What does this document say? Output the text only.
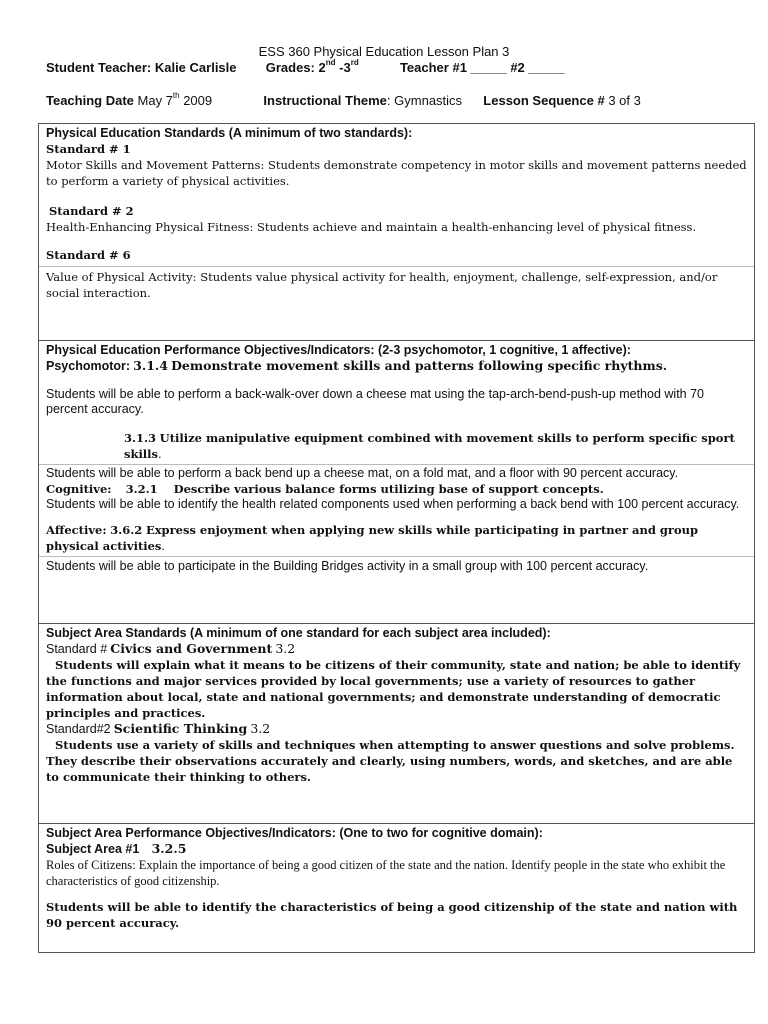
ESS 360 Physical Education Lesson Plan 3
Student Teacher: Kalie Carlisle Grades: 2nd -3rd	Teacher #1 _____ #2 _____
Teaching Date May 7th 2009	Instructional Theme: Gymnastics Lesson Sequence # 3 of 3
Physical Education Standards (A minimum of two standards):
Standard # 1
Motor Skills and Movement Patterns: Students demonstrate competency in motor skills and movement patterns needed to perform a variety of physical activities.
Standard # 2
Health-Enhancing Physical Fitness: Students achieve and maintain a health-enhancing level of physical fitness.
Standard # 6
Value of Physical Activity: Students value physical activity for health, enjoyment, challenge, self-expression, and/or social interaction.
Physical Education Performance Objectives/Indicators: (2-3 psychomotor, 1 cognitive, 1 affective):
Psychomotor: 3.1.4 Demonstrate movement skills and patterns following specific rhythms.
Students will be able to perform a back-walk-over down a cheese mat using the tap-arch-bend-push-up method with 70 percent accuracy.
3.1.3 Utilize manipulative equipment combined with movement skills to perform specific sport skills.
Students will be able to perform a back bend up a cheese mat, on a fold mat, and a floor with 90 percent accuracy.
Cognitive: 3.2.1 Describe various balance forms utilizing base of support concepts.
Students will be able to identify the health related components used when performing a back bend with 100 percent accuracy.
Affective: 3.6.2 Express enjoyment when applying new skills while participating in partner and group physical activities.
Students will be able to participate in the Building Bridges activity in a small group with 100 percent accuracy.
Subject Area Standards (A minimum of one standard for each subject area included):
Standard # Civics and Government 3.2
Students will explain what it means to be citizens of their community, state and nation; be able to identify the functions and major services provided by local governments; use a variety of resources to gather information about local, state and national governments; and demonstrate understanding of democratic principles and practices.
Standard#2 Scientific Thinking 3.2
Students use a variety of skills and techniques when attempting to answer questions and solve problems. They describe their observations accurately and clearly, using numbers, words, and sketches, and are able to communicate their thinking to others.
Subject Area Performance Objectives/Indicators: (One to two for cognitive domain):
Subject Area #1 3.2.5
Roles of Citizens: Explain the importance of being a good citizen of the state and the nation. Identify people in the state who exhibit the characteristics of good citizenship.
Students will be able to identify the characteristics of being a good citizenship of the state and nation with 90 percent accuracy.
